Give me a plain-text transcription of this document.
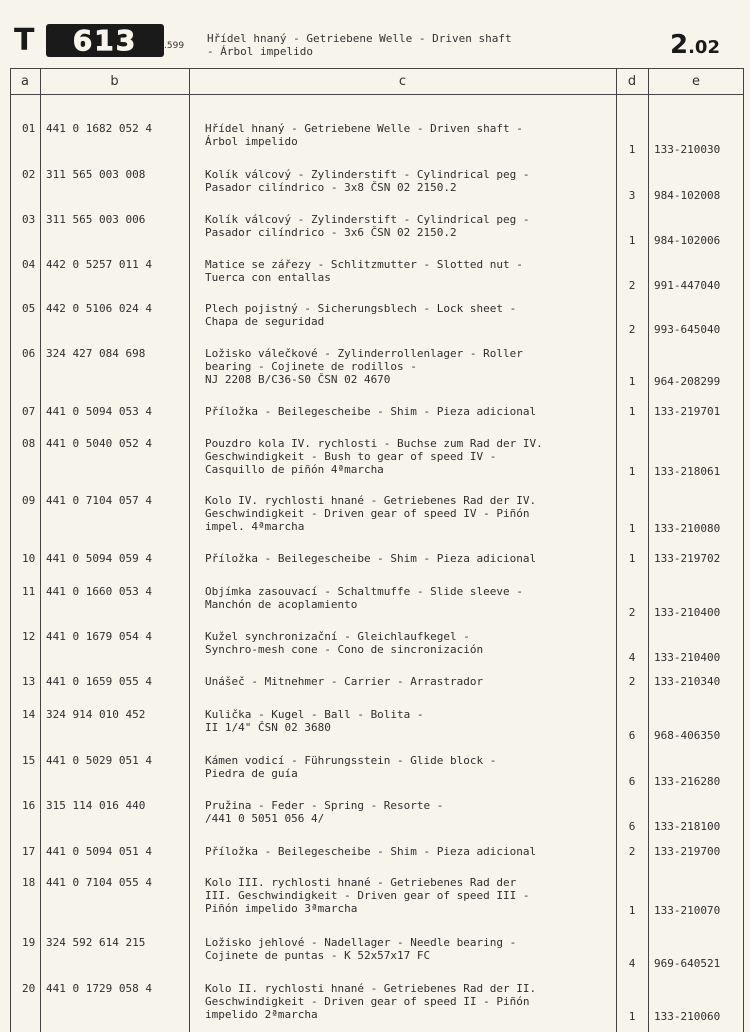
T 613	.599
Hřídel hnaný - Getriebene Welle - Driven shaft
- Árbol impelido	2.02
a	b	c	d	e
01 441 0 1682 052 4	Hřídel hnaný - Getriebene Welle - Driven shaft -
Árbol impelido
1	133-210030
02 311 565 003 008	Kolík válcový - Zylinderstift - Cylindrical peg -
Pasador cilíndrico - 3x8 ČSN 02 2150.2
3	984-102008
03 311 565 003 006	Kolík válcový - Zylinderstift - Cylindrical peg -
Pasador cilíndrico - 3x6 ČSN 02 2150.2
1	984-102006
04 442 0 5257 011 4	Matice se zářezy - Schlitzmutter - Slotted nut -
Tuerca con entallas
2	991-447040
05 442 0 5106 024 4	Plech pojistný - Sicherungsblech - Lock sheet -
Chapa de seguridad
2	993-645040
06 324 427 084 698	Ložisko válečkové - Zylinderrollenlager - Roller
bearing - Cojinete de rodillos -
NJ 2208 B/C36-S0 ČSN 02 4670	1	964-208299
07 441 0 5094 053 4	Příložka - Beilegescheibe - Shim - Pieza adicional	1	133-219701
08 441 0 5040 052 4	Pouzdro kola IV. rychlosti - Buchse zum Rad der IV.
Geschwindigkeit - Bush to gear of speed IV -
Casquillo de piñón 4ªmarcha	1	133-218061
09 441 0 7104 057 4	Kolo IV. rychlosti hnané - Getriebenes Rad der IV.
Geschwindigkeit - Driven gear of speed IV - Piñón
impel. 4ªmarcha	1	133-210080
10 441 0 5094 059 4	Příložka - Beilegescheibe - Shim - Pieza adicional	1	133-219702
11 441 0 1660 053 4	Objímka zasouvací - Schaltmuffe - Slide sleeve -
Manchón de acoplamiento
2	133-210400
12 441 0 1679 054 4	Kužel synchronizační - Gleichlaufkegel -
Synchro-mesh cone - Cono de sincronización
4	133-210400
13 441 0 1659 055 4	Unášeč - Mitnehmer - Carrier - Arrastrador	2	133-210340
14 324 914 010 452	Kulička - Kugel - Ball - Bolita -
II 1/4" ČSN 02 3680
6	968-406350
15 441 0 5029 051 4	Kámen vodicí - Führungsstein - Glide block -
Piedra de guía
6	133-216280
16 315 114 016 440	Pružina - Feder - Spring - Resorte -
/441 0 5051 056 4/
6	133-218100
17 441 0 5094 051 4	Příložka - Beilegescheibe - Shim - Pieza adicional	2	133-219700
18 441 0 7104 055 4	Kolo III. rychlosti hnané - Getriebenes Rad der
III. Geschwindigkeit - Driven gear of speed III -
Piñón impelido 3ªmarcha	1	133-210070
19 324 592 614 215	Ložisko jehlové - Nadellager - Needle bearing -
Cojinete de puntas - K 52x57x17 FC
4	969-640521
20 441 0 1729 058 4	Kolo II. rychlosti hnané - Getriebenes Rad der II.
Geschwindigkeit - Driven gear of speed II - Piñón
impelido 2ªmarcha	1	133-210060
